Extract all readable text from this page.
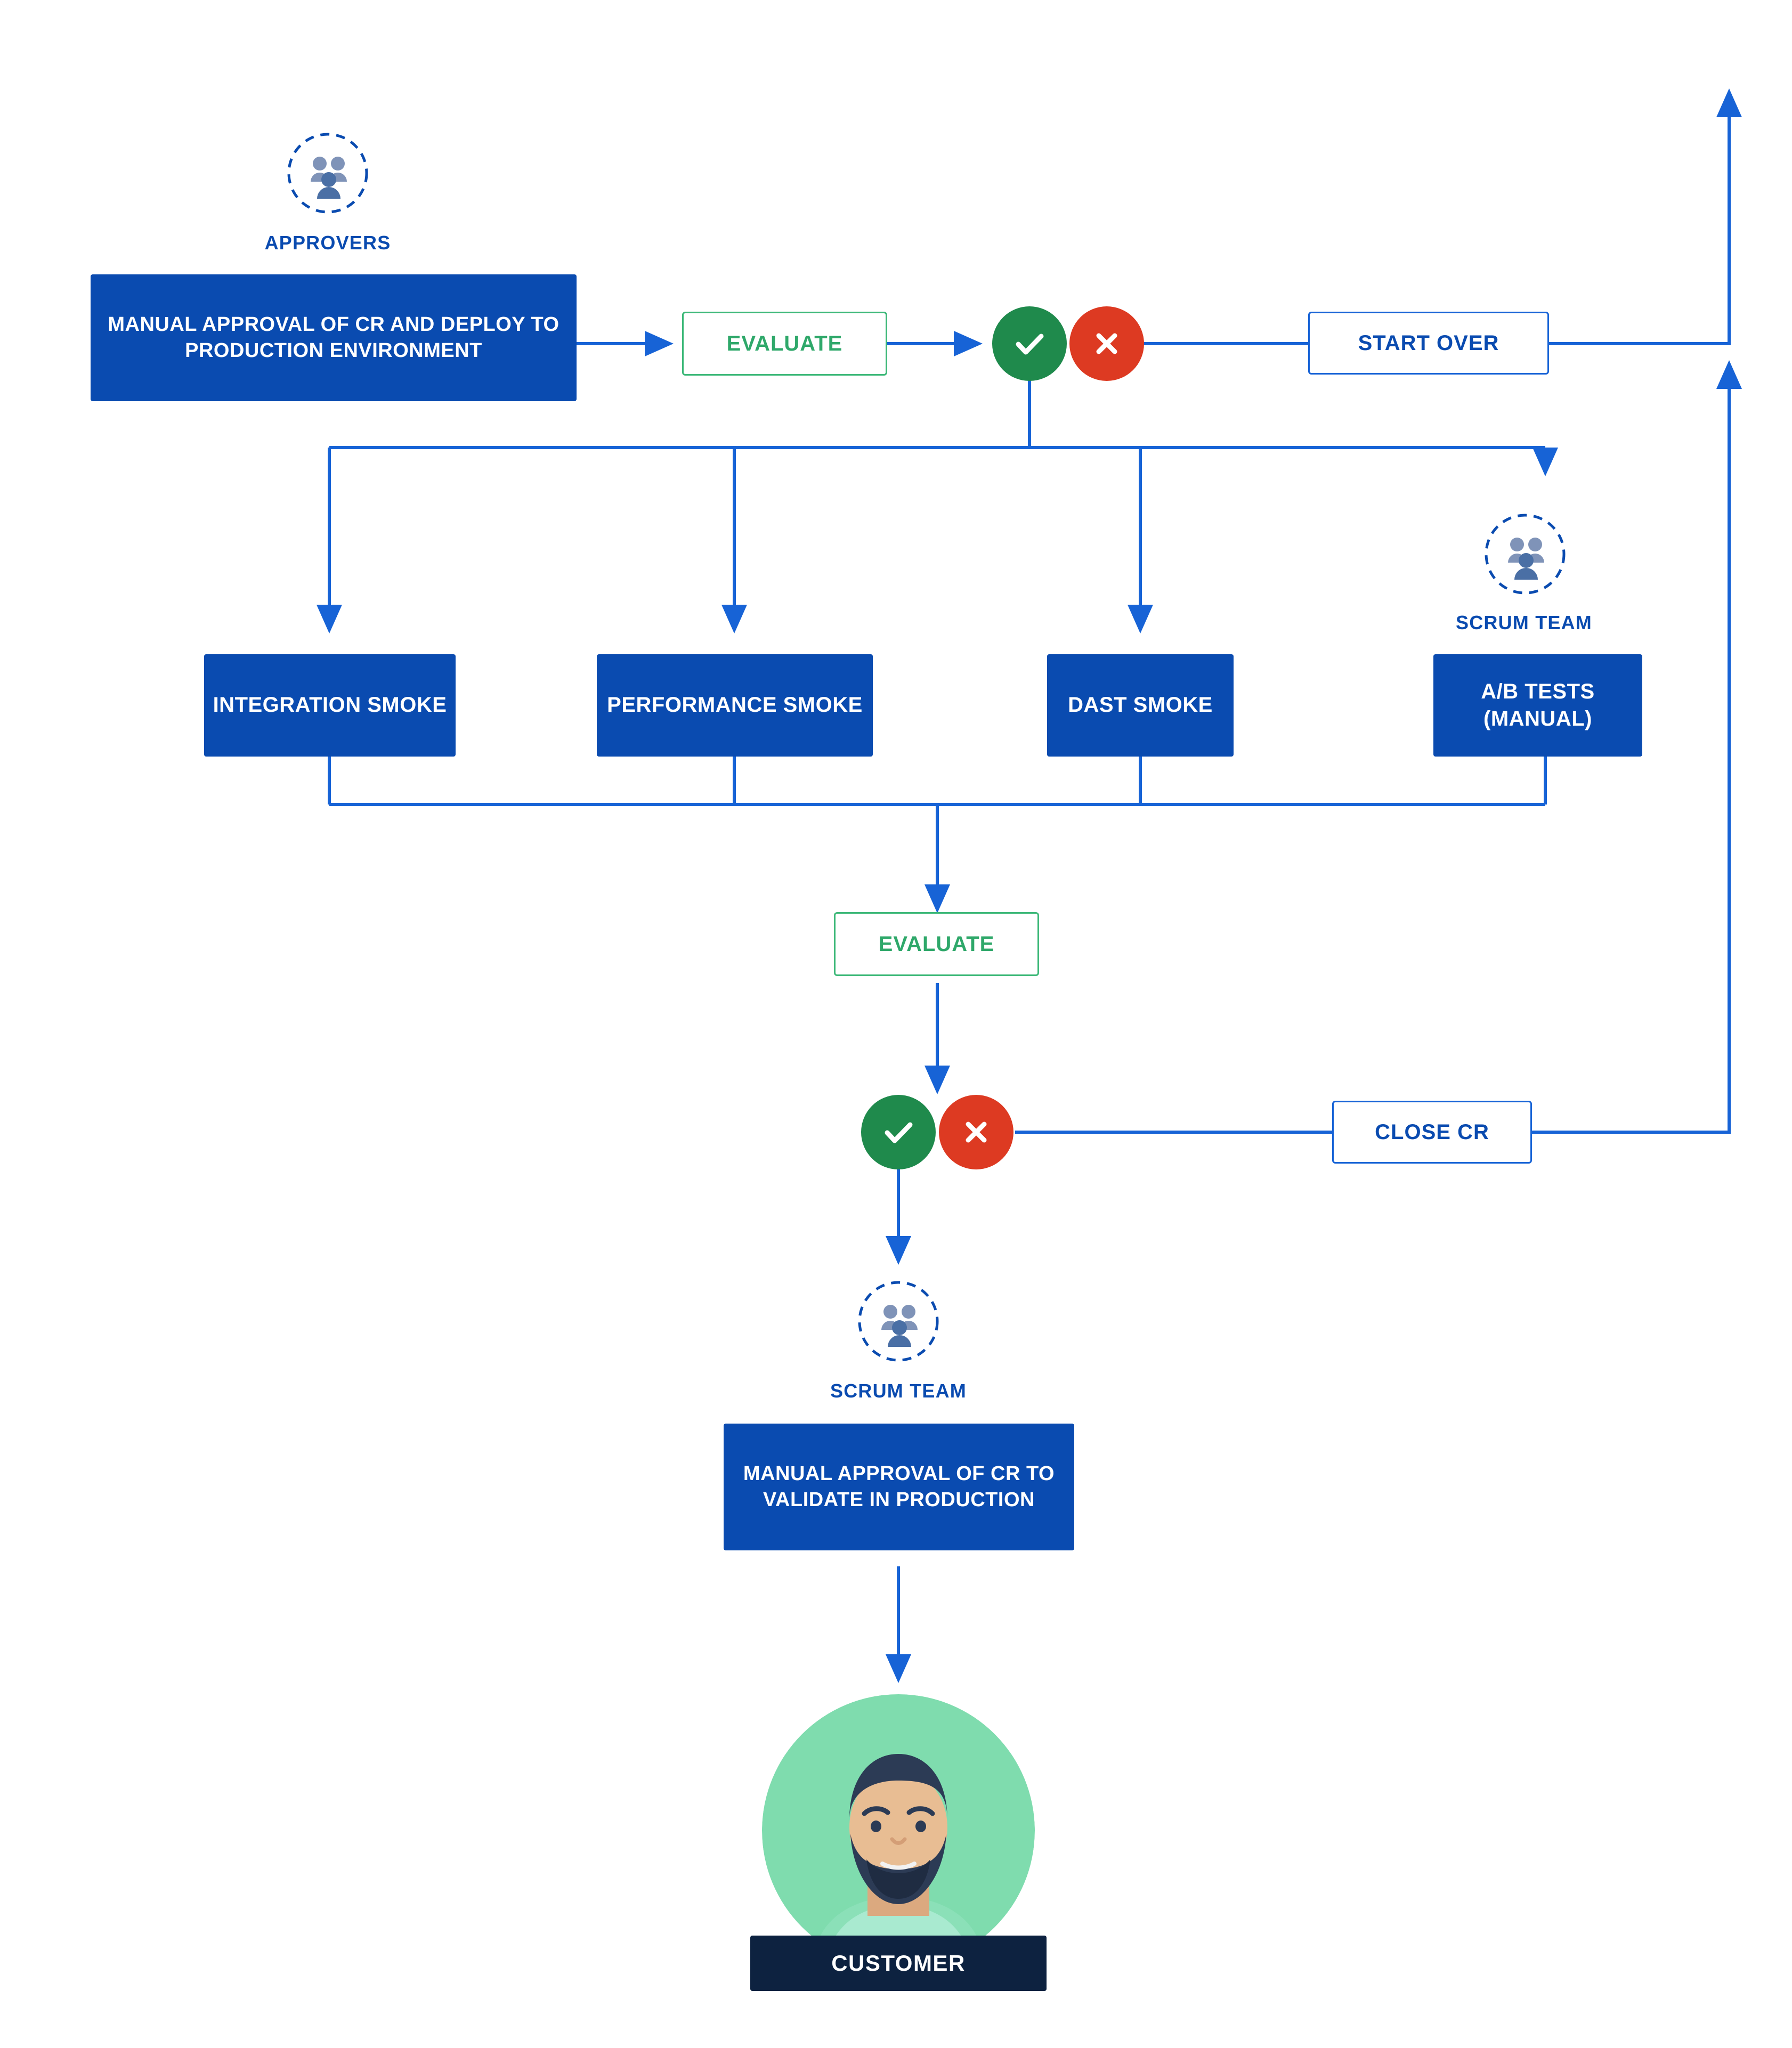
APPROVERS
MANUAL APPROVAL OF CR AND DEPLOY TO PRODUCTION ENVIRONMENT	EVALUATE	START OVER
SCRUM TEAM
INTEGRATION SMOKE	PERFORMANCE SMOKE	DAST SMOKE
A/B TESTS (MANUAL)
EVALUATE
CLOSE CR
SCRUM TEAM
MANUAL APPROVAL OF CR TO VALIDATE IN PRODUCTION
CUSTOMER
